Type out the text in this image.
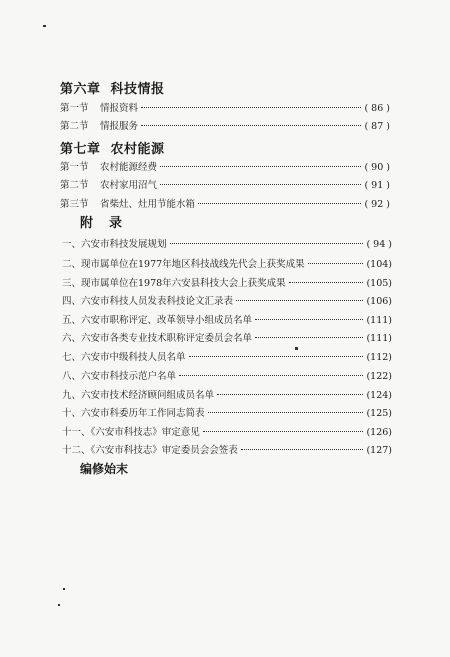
第六章 科技情报
第一节	情报资料	( 86 )
第二节	情报服务	( 87 )
第七章 农村能源
第一节	农村能源经费	( 90 )
第二节	农村家用沼气	( 91 )
第三节	省柴灶、灶用节能水箱	( 92 )
附录
一、六安市科技发展规划	( 94 )
二、现市属单位在1977年地区科技战线先代会上获奖成果	(104)
三、现市属单位在1978年六安县科技大会上获奖成果	(105)
四、六安市科技人员发表科技论文汇录表	(106)
五、六安市职称评定、改革领导小组成员名单	(111)
六、六安市各类专业技术职称评定委员会名单	(111)
七、六安市中级科技人员名单	(112)
八、六安市科技示范户名单	(122)
九、六安市技术经济顾问组成员名单	(124)
十、六安市科委历年工作同志简表	(125)
十一、《六安市科技志》审定意见	(126)
十二、《六安市科技志》审定委员会会签表	(127)
编修始末
